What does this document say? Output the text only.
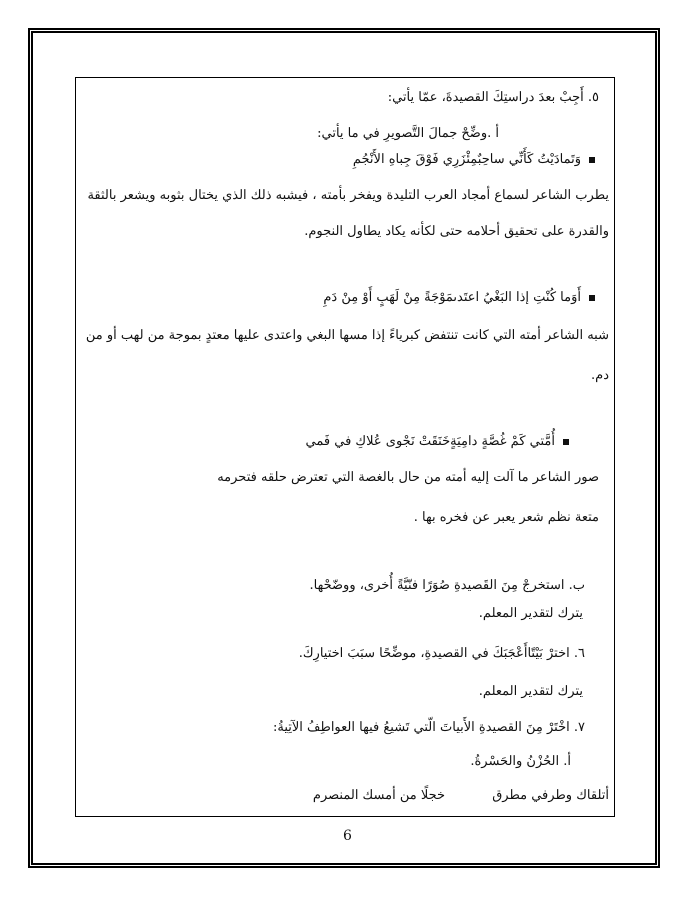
٥. أَجِبْ بعدَ دراستِكَ القصيدةَ، عمّا يأتي:
أ .وضِّحْ جمالَ التَّصويرِ في ما يأتي:
وَتَمادَيْتُ كَأَنِّي ساحِبٌمِئْزَرِي فَوْقَ جِباهِ الأَنْجُمِ
يطرب الشاعر لسماع أمجاد العرب التليدة ويفخر بأمته ، فيشبه ذلك الذي يختال بثوبه ويشعر بالثقة
والقدرة على تحقيق أحلامه حتى لكأنه يكاد يطاول النجوم.
أَوَما كُنْتِ إذا البَغْيُ اعتَدىمَوْجَةً مِنْ لَهَبٍ أَوْ مِنْ دَمِ
شبه الشاعر أمته التي كانت تنتفض كبرياءً إذا مسها البغي واعتدى عليها معتدٍ بموجة من لهب أو من
دم.
أُمَّتي كَمْ غُصَّةٍ دامِيَةٍخَنَقَتْ نَجْوى عُلاكِ في فَمي
صور الشاعر ما آلت إليه أمته من حال بالغصة التي تعترض حلقه فتحرمه
متعة نظم شعر يعبر عن فخره بها .
ب. استخرجْ مِنَ القَصيدةِ صُوَرًا فنّيَّةً أُخرى، ووضّحْها.
يترك لتقدير المعلم.
٦. اخترْ بَيْتًاأَعْجَبَكَ في القصيدةِ، موضِّحًا سبَبَ اختيارِكَ.
يترك لتقدير المعلم.
٧. اخْتَرْ مِنَ القصيدةِ الأَبياتَ الّتي تَشيعُ فيها العواطِفُ الآتِيةُ:
أ. الحُزْنُ والحَسْرةُ.
أتلقاك وطرفي مطرق
خجلًا من أمسك المنصرم
6
